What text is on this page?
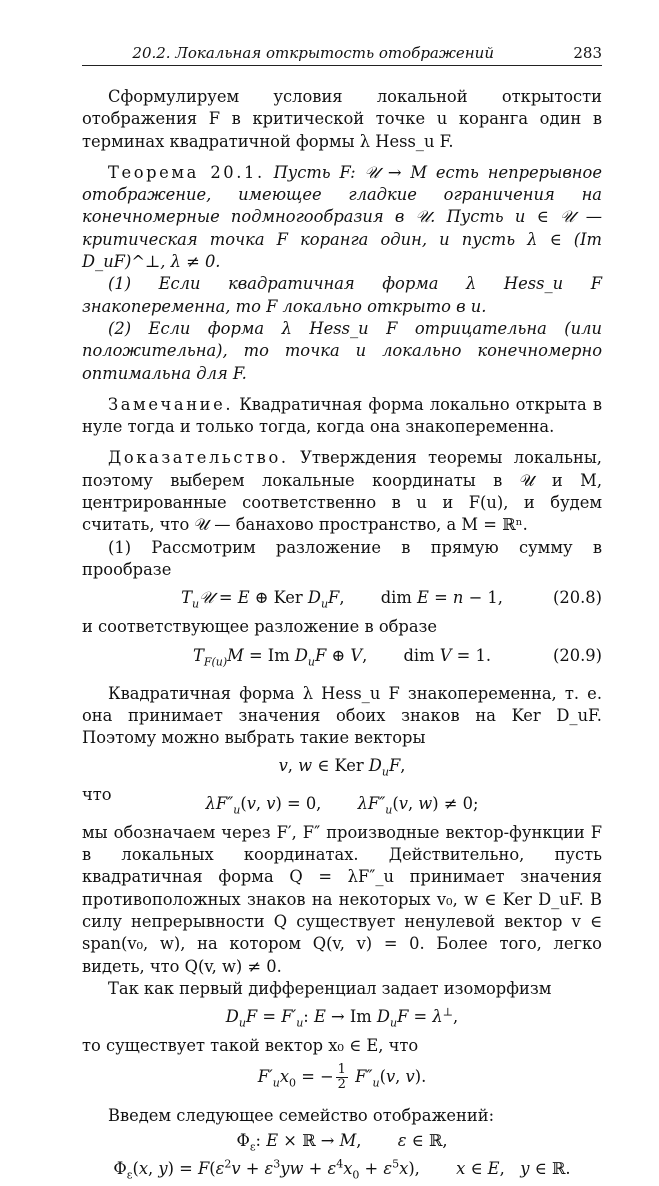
20.2. Локальная открытость отображений	283

Сформулируем условия локальной открытости отображения F в критической точке u коранга один в терминах квадратичной формы λ Hess_u F.

Теорема 20.1. Пусть F: 𝒰 → M есть непрерывное отображение, имеющее гладкие ограничения на конечномерные подмногообразия в 𝒰. Пусть u ∈ 𝒰 — критическая точка F коранга один, и пусть λ ∈ (Im D_uF)^⊥, λ ≠ 0.

(1) Если квадратичная форма λ Hess_u F знакопеременна, то F локально открыто в u.

(2) Если форма λ Hess_u F отрицательна (или положительна), то точка u локально конечномерно оптимальна для F.

Замечание. Квадратичная форма локально открыта в нуле тогда и только тогда, когда она знакопеременна.

Доказательство. Утверждения теоремы локальны, поэтому выберем локальные координаты в 𝒰 и M, центрированные соответственно в u и F(u), и будем считать, что 𝒰 — банахово пространство, а M = ℝⁿ.

(1) Рассмотрим разложение в прямую сумму в прообразе

$T_u𝒰 = E$ ⊕ Ker $D_uF$,       dim E = n − 1,	(20.8)

и соответствующее разложение в образе

$T_{F(u)}M = Im$ $D_uF$ ⊕ V,       dim V = 1.	(20.9)

Квадратичная форма λ Hess_u F знакопеременна, т. е. она принимает значения обоих знаков на Ker D_uF. Поэтому можно выбрать такие векторы

v, w ∈ Ker $D_uF$,

что	$\lambda F''_u(v$, v) = 0,       $\lambda F''_u(v$, w) ≠ 0;

мы обозначаем через F′, F″ производные вектор-функции F в локальных координатах. Действительно, пусть квадратичная форма Q = λF″_u принимает значения противоположных знаков на некоторых v₀, w ∈ Ker D_uF. В силу непрерывности Q существует ненулевой вектор v ∈ span(v₀, w), на котором Q(v, v) = 0. Более того, легко видеть, что Q(v, w) ≠ 0.

Так как первый дифференциал задает изоморфизм

$D_uF = F'_u$: E → Im $D_uF = \lambda^\perp$,

то существует такой вектор x₀ ∈ E, что

$F'_ux_0$ = − $\frac{1}{2} F''_u(v$, v).

Введем следующее семейство отображений:

$\Phi_\varepsilon$: E × ℝ → M,       ε ∈ ℝ,
$\Phi_\varepsilon(x$, $y) = F(\varepsilon^2v + \varepsilon^3yw + \varepsilon^4x_0 + \varepsilon^5x)$,       x ∈ E,   y ∈ ℝ.
